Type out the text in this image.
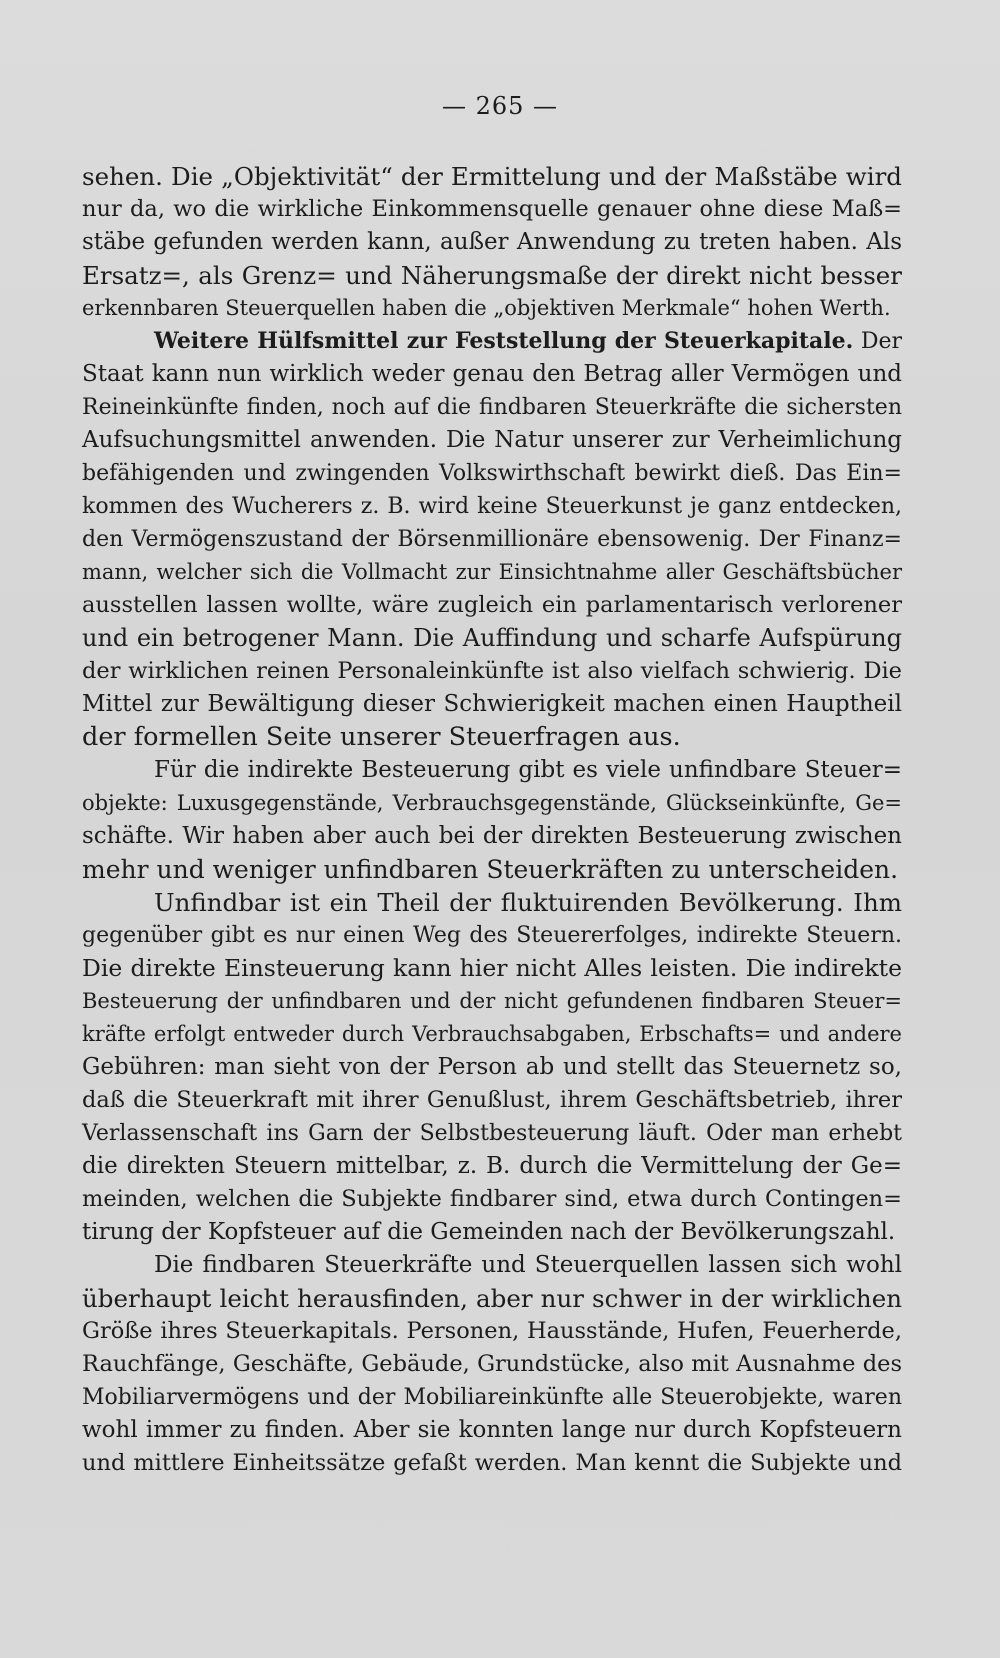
— 265 —
sehen. Die „Objektivität“ der Ermittelung und der Maßstäbe wird
nur da, wo die wirkliche Einkommensquelle genauer ohne diese Maß=
stäbe gefunden werden kann, außer Anwendung zu treten haben. Als
Ersatz=, als Grenz= und Näherungsmaße der direkt nicht besser
erkennbaren Steuerquellen haben die „objektiven Merkmale“ hohen Werth.
Weitere Hülfsmittel zur Feststellung der Steuerkapitale. Der
Staat kann nun wirklich weder genau den Betrag aller Vermögen und
Reineinkünfte finden, noch auf die findbaren Steuerkräfte die sichersten
Aufsuchungsmittel anwenden. Die Natur unserer zur Verheimlichung
befähigenden und zwingenden Volkswirthschaft bewirkt dieß. Das Ein=
kommen des Wucherers z. B. wird keine Steuerkunst je ganz entdecken,
den Vermögenszustand der Börsenmillionäre ebensowenig. Der Finanz=
mann, welcher sich die Vollmacht zur Einsichtnahme aller Geschäftsbücher
ausstellen lassen wollte, wäre zugleich ein parlamentarisch verlorener
und ein betrogener Mann. Die Auffindung und scharfe Aufspürung
der wirklichen reinen Personaleinkünfte ist also vielfach schwierig. Die
Mittel zur Bewältigung dieser Schwierigkeit machen einen Hauptheil
der formellen Seite unserer Steuerfragen aus.
Für die indirekte Besteuerung gibt es viele unfindbare Steuer=
objekte: Luxusgegenstände, Verbrauchsgegenstände, Glückseinkünfte, Ge=
schäfte. Wir haben aber auch bei der direkten Besteuerung zwischen
mehr und weniger unfindbaren Steuerkräften zu unterscheiden.
Unfindbar ist ein Theil der fluktuirenden Bevölkerung. Ihm
gegenüber gibt es nur einen Weg des Steuererfolges, indirekte Steuern.
Die direkte Einsteuerung kann hier nicht Alles leisten. Die indirekte
Besteuerung der unfindbaren und der nicht gefundenen findbaren Steuer=
kräfte erfolgt entweder durch Verbrauchsabgaben, Erbschafts= und andere
Gebühren: man sieht von der Person ab und stellt das Steuernetz so,
daß die Steuerkraft mit ihrer Genußlust, ihrem Geschäftsbetrieb, ihrer
Verlassenschaft ins Garn der Selbstbesteuerung läuft. Oder man erhebt
die direkten Steuern mittelbar, z. B. durch die Vermittelung der Ge=
meinden, welchen die Subjekte findbarer sind, etwa durch Contingen=
tirung der Kopfsteuer auf die Gemeinden nach der Bevölkerungszahl.
Die findbaren Steuerkräfte und Steuerquellen lassen sich wohl
überhaupt leicht herausfinden, aber nur schwer in der wirklichen
Größe ihres Steuerkapitals. Personen, Hausstände, Hufen, Feuerherde,
Rauchfänge, Geschäfte, Gebäude, Grundstücke, also mit Ausnahme des
Mobiliarvermögens und der Mobiliareinkünfte alle Steuerobjekte, waren
wohl immer zu finden. Aber sie konnten lange nur durch Kopfsteuern
und mittlere Einheitssätze gefaßt werden. Man kennt die Subjekte und
